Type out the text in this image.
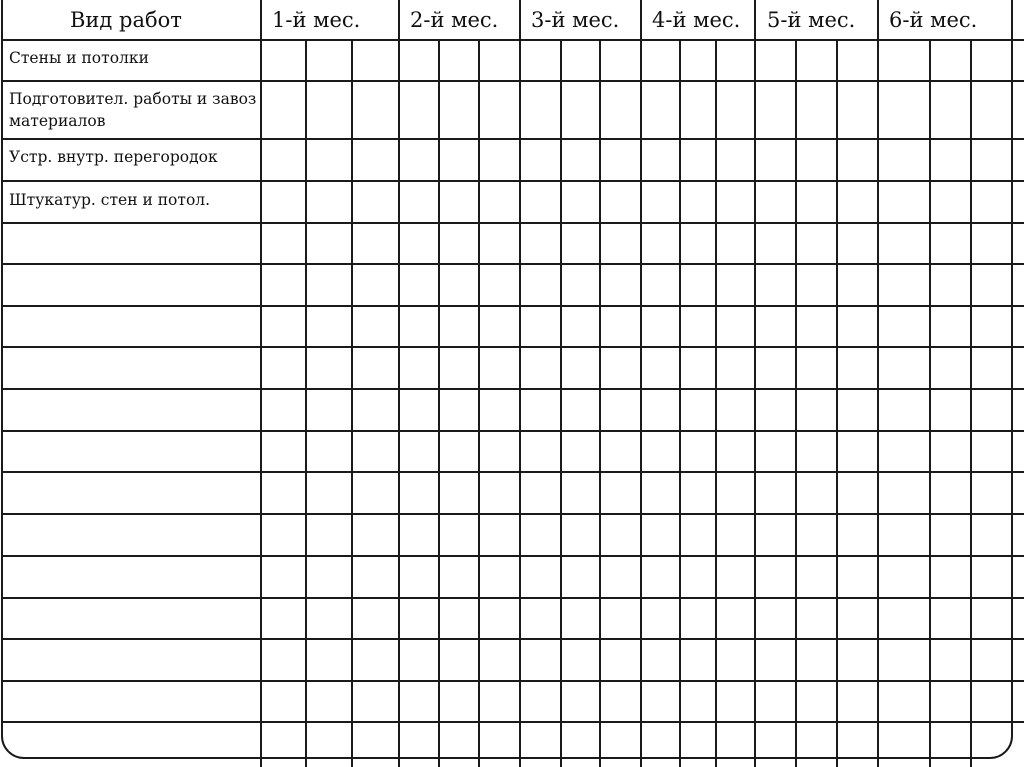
Вид работ	1-й мес. 2-й мес. 3-й мес. 4-й мес. 5-й мес. 6-й мес.
Стены и потолки
Подготовител. работы и завоз материалов
Устр. внутр. перегородок
Штукатур. стен и потол.
